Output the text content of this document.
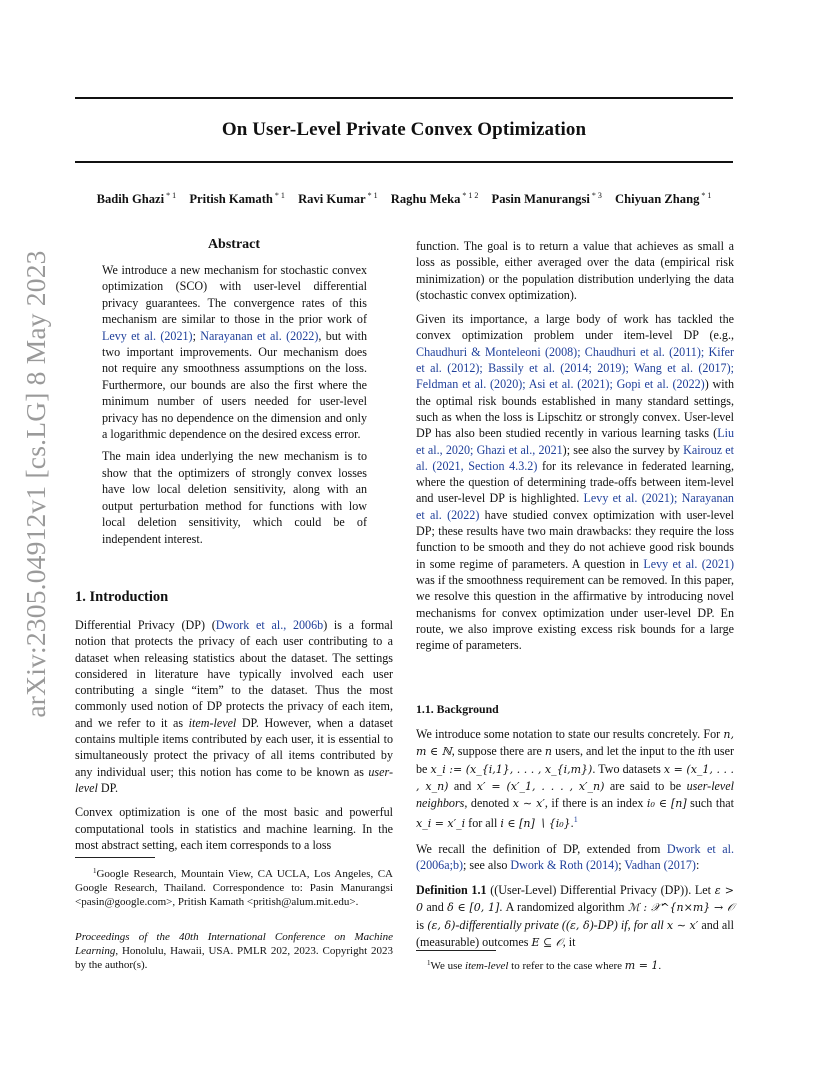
On User-Level Private Convex Optimization
Badih Ghazi $^{* 1}$ Pritish Kamath $^{* 1}$ Ravi Kumar $^{* 1}$ Raghu Meka $^{* 1 2}$ Pasin Manurangsi $^{* 3}$ Chiyuan Zhang $^{* 1}$
arXiv:2305.04912v1 [cs.LG] 8 May 2023
Abstract

We introduce a new mechanism for stochastic convex optimization (SCO) with user-level differential privacy guarantees. The convergence rates of this mechanism are similar to those in the prior work of Levy et al. (2021); Narayanan et al. (2022), but with two important improvements. Our mechanism does not require any smoothness assumptions on the loss. Furthermore, our bounds are also the first where the minimum number of users needed for user-level privacy has no dependence on the dimension and only a logarithmic dependence on the desired excess error.

The main idea underlying the new mechanism is to show that the optimizers of strongly convex losses have low local deletion sensitivity, along with an output perturbation method for functions with low local deletion sensitivity, which could be of independent interest.

1. Introduction

Differential Privacy (DP) (Dwork et al., 2006b) is a formal notion that protects the privacy of each user contributing to a dataset when releasing statistics about the dataset. The settings considered in literature have typically involved each user contributing a single “item” to the dataset. Thus the most commonly used notion of DP protects the privacy of each item, and we refer to it as item-level DP. However, when a dataset contains multiple items contributed by each user, it is essential to simultaneously protect the privacy of all items contributed by any individual user; this notion has come to be known as user-level DP.

Convex optimization is one of the most basic and powerful computational tools in statistics and machine learning. In the most abstract setting, each item corresponds to a loss

$^1$Google Research, Mountain View, CA UCLA, Los Angeles, CA Google Research, Thailand. Correspondence to: Pasin Manurangsi <pasin@google.com>, Pritish Kamath <pritish@alum.mit.edu>.
Proceedings of the 40th International Conference on Machine Learning, Honolulu, Hawaii, USA. PMLR 202, 2023. Copyright 2023 by the author(s).

function. The goal is to return a value that achieves as small a loss as possible, either averaged over the data (empirical risk minimization) or the population distribution underlying the data (stochastic convex optimization).

Given its importance, a large body of work has tackled the convex optimization problem under item-level DP (e.g., Chaudhuri & Monteleoni (2008); Chaudhuri et al. (2011); Kifer et al. (2012); Bassily et al. (2014; 2019); Wang et al. (2017); Feldman et al. (2020); Asi et al. (2021); Gopi et al. (2022)) with the optimal risk bounds established in many standard settings, such as when the loss is Lipschitz or strongly convex. User-level DP has also been studied recently in various learning tasks (Liu et al., 2020; Ghazi et al., 2021); see also the survey by Kairouz et al. (2021, Section 4.3.2) for its relevance in federated learning, where the question of determining trade-offs between item-level and user-level DP is highlighted. Levy et al. (2021); Narayanan et al. (2022) have studied convex optimization with user-level DP; these results have two main drawbacks: they require the loss function to be smooth and they do not achieve good risk bounds in some regime of parameters. A question in Levy et al. (2021) was if the smoothness requirement can be removed. In this paper, we resolve this question in the affirmative by introducing novel mechanisms for convex optimization under user-level DP. En route, we also improve existing excess risk bounds for a large regime of parameters.

1.1. Background

We introduce some notation to state our results concretely. For n, m ∈ ℕ, suppose there are n users, and let the input to the ith user be x_i := (x_{i,1}, . . . , x_{i,m}). Two datasets x = (x_1, . . . , x_n) and x′ = (x′_1, . . . , x′_n) are said to be user-level neighbors, denoted x ∼ x′, if there is an index i₀ ∈ [n] such that x_i = x′_i for all i ∈ [n] ∖ {i₀}.$^1$

We recall the definition of DP, extended from Dwork et al. (2006a;b); see also Dwork & Roth (2014); Vadhan (2017):

Definition 1.1 ((User-Level) Differential Privacy (DP)). Let ε > 0 and δ ∈ [0, 1]. A randomized algorithm ℳ : 𝒳^{n×m} → 𝒪 is (ε, δ)-differentially private ((ε, δ)-DP) if, for all x ∼ x′ and all (measurable) outcomes E ⊆ 𝒪, it

$^1$We use item-level to refer to the case where m = 1.
